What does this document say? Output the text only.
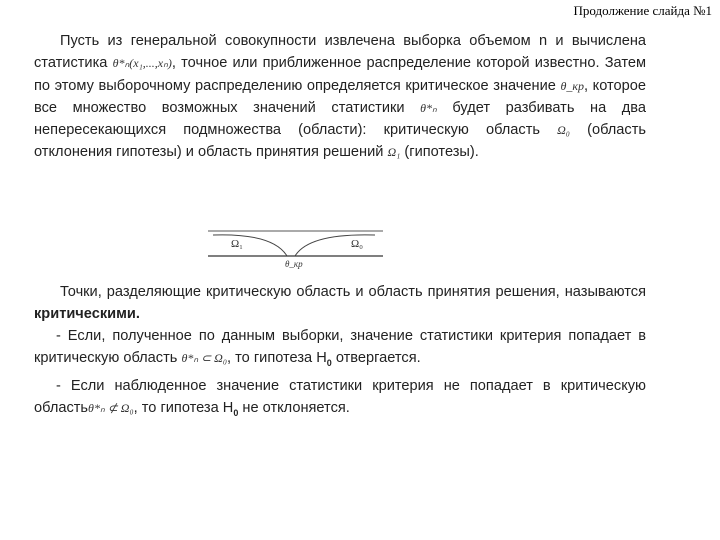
Продолжение слайда №1

Пусть из генеральной совокупности извлечена выборка объемом n и вычислена статистика θ*ₙ(x₁,...,xₙ), точное или приближенное распределение которой известно. Затем по этому выборочному распределению определяется критическое значение θ_кр, которое все множество возможных значений статистики θ*ₙ будет разбивать на два непересекающихся подмножества (области): критическую область Ω₀ (область отклонения гипотезы) и область принятия решений Ω₁ (гипотезы).

Ω₁	Ω₀
θ_кр

Точки, разделяющие критическую область и область принятия решения, называются критическими.

- Если, полученное по данным выборки, значение статистики критерия попадает в критическую область θ*ₙ ⊂ Ω₀, то гипотеза $H_0$ отвергается.
- Если наблюденное значение статистики критерия не попадает в критическую областьθ*ₙ ⊄ Ω₀, то гипотеза $H_0$ не отклоняется.
